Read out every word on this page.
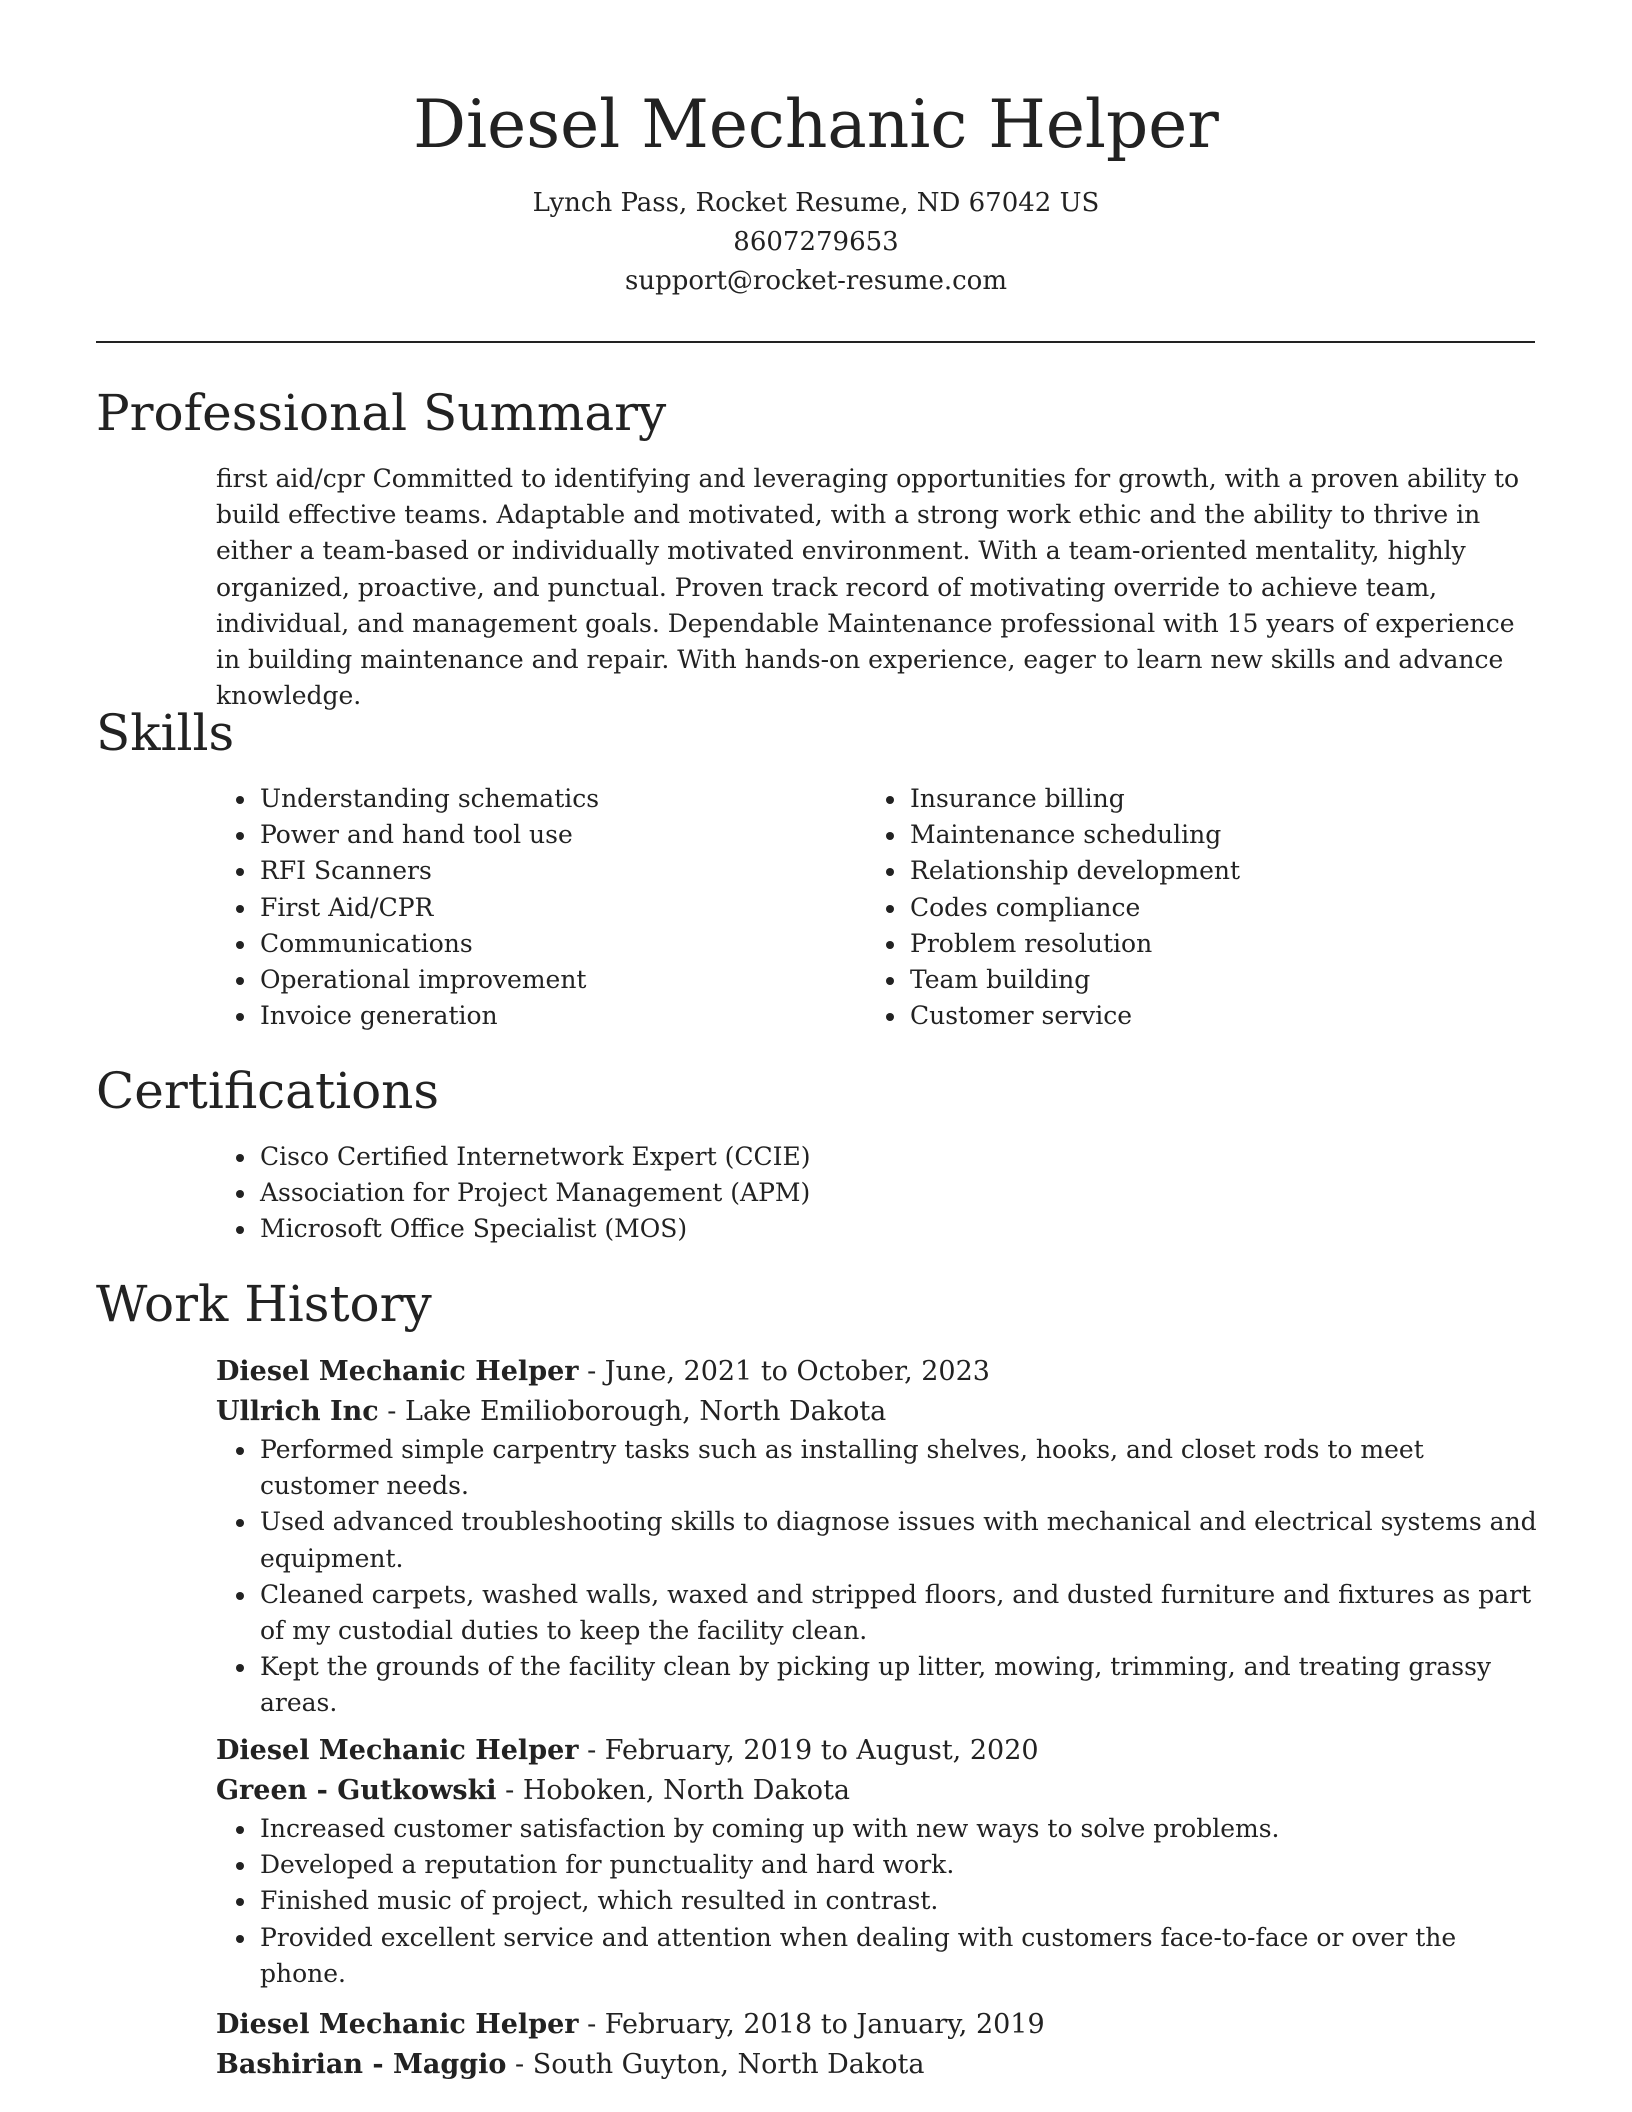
Diesel Mechanic Helper

Lynch Pass, Rocket Resume, ND 67042 US

8607279653

support@rocket-resume.com

Professional Summary

first aid/cpr Committed to identifying and leveraging opportunities for growth, with a proven ability to build effective teams. Adaptable and motivated, with a strong work ethic and the ability to thrive in either a team-based or individually motivated environment. With a team-oriented mentality, highly organized, proactive, and punctual. Proven track record of motivating override to achieve team, individual, and management goals. Dependable Maintenance professional with 15 years of experience in building maintenance and repair. With hands-on experience, eager to learn new skills and advance knowledge.

Skills
Understanding schematics
Power and hand tool use
RFI Scanners
First Aid/CPR
Communications
Operational improvement
Invoice generation
Insurance billing
Maintenance scheduling
Relationship development
Codes compliance
Problem resolution
Team building
Customer service
Certifications
Cisco Certified Internetwork Expert (CCIE)
Association for Project Management (APM)
Microsoft Office Specialist (MOS)
Work History

Diesel Mechanic Helper - June, 2021 to October, 2023

Ullrich Inc - Lake Emilioborough, North Dakota

Performed simple carpentry tasks such as installing shelves, hooks, and closet rods to meet customer needs.
Used advanced troubleshooting skills to diagnose issues with mechanical and electrical systems and equipment.
Cleaned carpets, washed walls, waxed and stripped floors, and dusted furniture and fixtures as part of my custodial duties to keep the facility clean.
Kept the grounds of the facility clean by picking up litter, mowing, trimming, and treating grassy areas.

Diesel Mechanic Helper - February, 2019 to August, 2020

Green - Gutkowski - Hoboken, North Dakota

Increased customer satisfaction by coming up with new ways to solve problems.
Developed a reputation for punctuality and hard work.
Finished music of project, which resulted in contrast.
Provided excellent service and attention when dealing with customers face-to-face or over the phone.

Diesel Mechanic Helper - February, 2018 to January, 2019

Bashirian - Maggio - South Guyton, North Dakota
